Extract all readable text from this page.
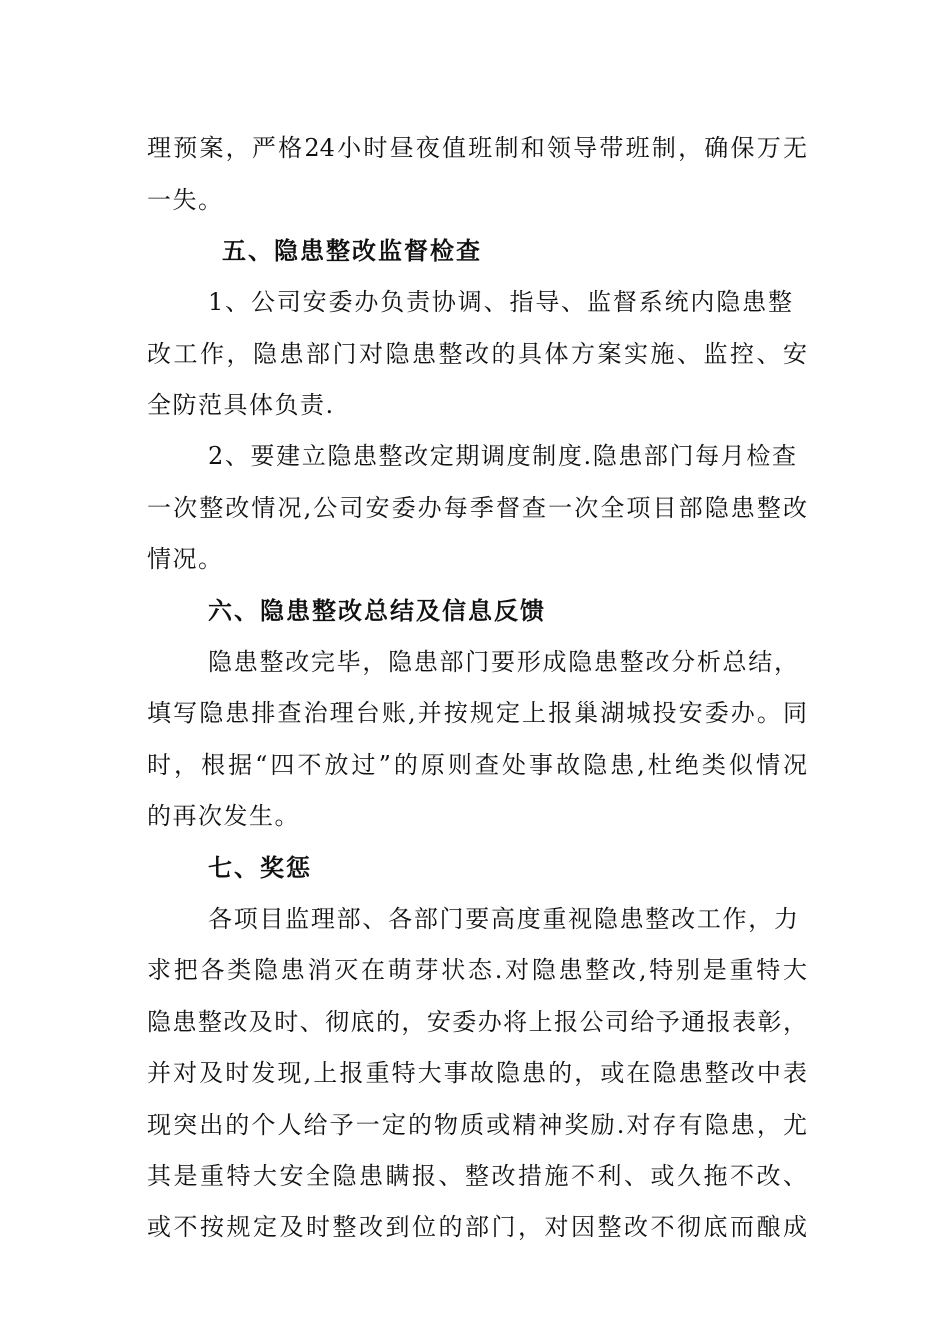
理预案，严格24小时昼夜值班制和领导带班制，确保万无
一失。
五、隐患整改监督检查
1、公司安委办负责协调、指导、监督系统内隐患整
改工作，隐患部门对隐患整改的具体方案实施、监控、安
全防范具体负责.
2、要建立隐患整改定期调度制度.隐患部门每月检查
一次整改情况,公司安委办每季督查一次全项目部隐患整改
情况。
六、隐患整改总结及信息反馈
隐患整改完毕，隐患部门要形成隐患整改分析总结，
填写隐患排查治理台账,并按规定上报巢湖城投安委办。同
时，根据“四不放过”的原则查处事故隐患,杜绝类似情况
的再次发生。
七、奖惩
各项目监理部、各部门要高度重视隐患整改工作，力
求把各类隐患消灭在萌芽状态.对隐患整改,特别是重特大
隐患整改及时、彻底的，安委办将上报公司给予通报表彰，
并对及时发现,上报重特大事故隐患的，或在隐患整改中表
现突出的个人给予一定的物质或精神奖励.对存有隐患，尤
其是重特大安全隐患瞒报、整改措施不利、或久拖不改、
或不按规定及时整改到位的部门，对因整改不彻底而酿成
